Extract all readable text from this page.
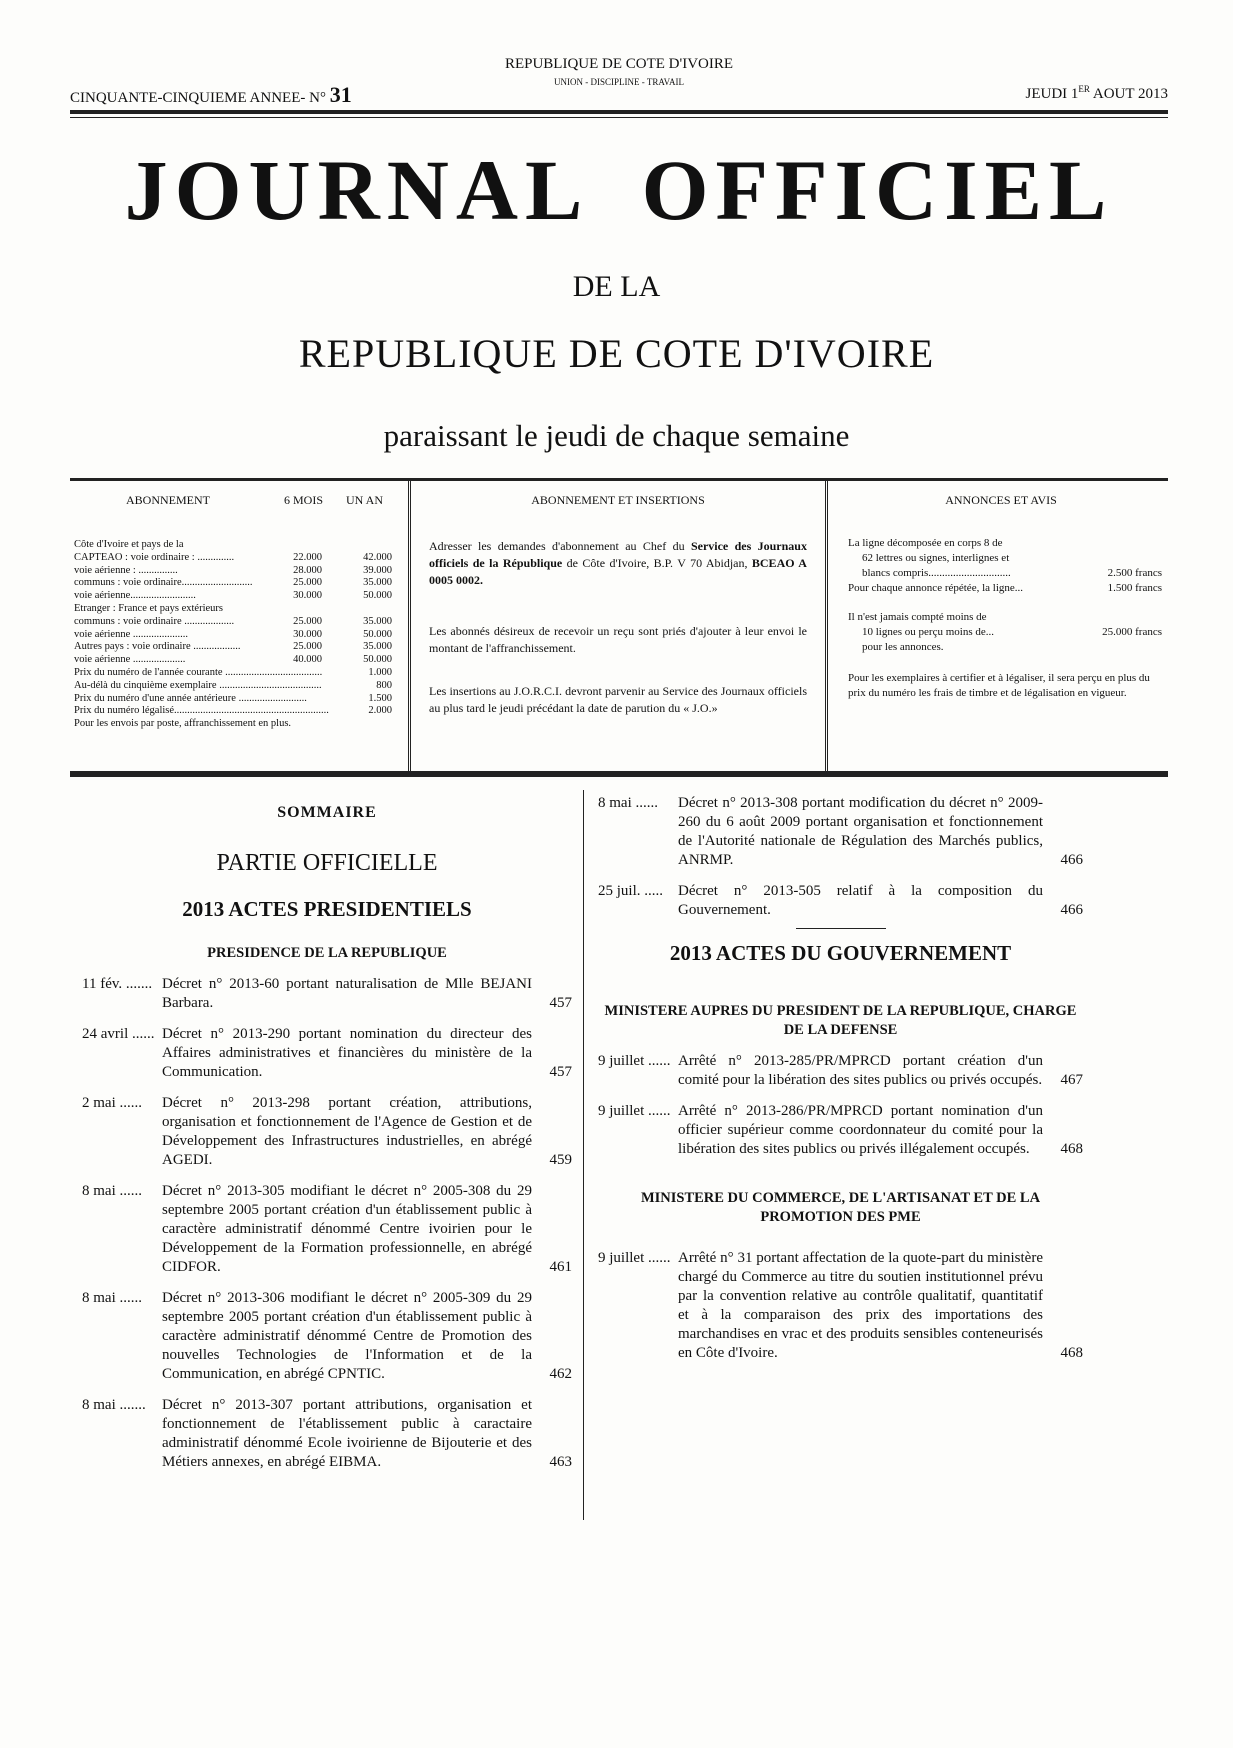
CINQUANTE-CINQUIEME ANNEE- N° 31
REPUBLIQUE DE COTE D'IVOIRE
UNION - DISCIPLINE - TRAVAIL
JEUDI 1ER AOUT 2013
JOURNAL  OFFICIEL
DE LA
REPUBLIQUE DE COTE D'IVOIRE
paraissant le jeudi de chaque semaine
ABONNEMENT	6 MOIS UN AN
Côte d'Ivoire et pays de la
CAPTEAO : voie ordinaire : ..............	22.000	42.000
voie aérienne : ...............	28.000	39.000
communs : voie ordinaire...........................	25.000	35.000
voie aérienne.........................	30.000	50.000
Etranger : France et pays extérieurs
communs : voie ordinaire ...................	25.000	35.000
voie aérienne .....................	30.000	50.000
Autres pays : voie ordinaire ..................	25.000	35.000
voie aérienne ....................	40.000	50.000
Prix du numéro de l'année courante .....................................	1.000
Au-délà du cinquième exemplaire .......................................	800
Prix du numéro d'une année antérieure ..........................	1.500
Prix du numéro légalisé...........................................................	2.000
Pour les envois par poste, affranchissement en plus.
ABONNEMENT ET INSERTIONS

Adresser les demandes d'abonnement au Chef du Service des Journaux officiels de la République de Côte d'Ivoire, B.P. V 70 Abidjan, BCEAO A 0005 0002.

Les abonnés désireux de recevoir un reçu sont priés d'ajouter à leur envoi le montant de l'affranchissement.

Les insertions au J.O.R.C.I. devront parvenir au Service des Journaux officiels au plus tard le jeudi précédant la date de parution du « J.O.»

ANNONCES ET AVIS

La ligne décomposée en corps 8 de
62 lettres ou signes, interlignes et

blancs compris..............................	2.500 francs
Pour chaque annonce répétée, la ligne...	1.500 francs

Il n'est jamais compté moins de

10 lignes ou perçu moins de...	25.000 francs
pour les annonces.

Pour les exemplaires à certifier et à légaliser, il sera perçu en plus du prix du numéro les frais de timbre et de légalisation en vigueur.

SOMMAIRE
PARTIE OFFICIELLE
2013 ACTES PRESIDENTIELS
PRESIDENCE DE LA REPUBLIQUE
11 fév. ....... Décret n° 2013-60 portant naturalisation de Mlle BEJANI Barbara.	457
24 avril ...... Décret n° 2013-290 portant nomination du directeur des Affaires administratives et financières du ministère de la Communication.	457
2 mai ......	Décret n° 2013-298 portant création, attributions, organisation et fonctionnement de l'Agence de Gestion et de Développement des Infrastructures industrielles, en abrégé AGEDI.	459
8 mai ......	Décret n° 2013-305 modifiant le décret n° 2005-308 du 29 septembre 2005 portant création d'un établissement public à caractère administratif dénommé Centre ivoirien pour le Développement de la Formation professionnelle, en abrégé CIDFOR.	461
8 mai ......	Décret n° 2013-306 modifiant le décret n° 2005-309 du 29 septembre 2005 portant création d'un établissement public à caractère administratif dénommé Centre de Promotion des nouvelles Technologies de l'Information et de la Communication, en abrégé CPNTIC.	462
8 mai .......	Décret n° 2013-307 portant attributions, organisation et fonctionnement de l'établissement public à caractaire administratif dénommé Ecole ivoirienne de Bijouterie et des Métiers annexes, en abrégé EIBMA.	463
8 mai ......	Décret n° 2013-308 portant modification du décret n° 2009-260 du 6 août 2009 portant organisation et fonctionnement de l'Autorité nationale de Régulation des Marchés publics, ANRMP.	466
25 juil. ..... Décret n° 2013-505 relatif à la composition du Gouvernement.	466
2013 ACTES DU GOUVERNEMENT
MINISTERE AUPRES DU PRESIDENT DE LA REPUBLIQUE, CHARGE DE LA DEFENSE
9 juillet ...... Arrêté n° 2013-285/PR/MPRCD portant création d'un comité pour la libération des sites publics ou privés occupés.	467
9 juillet ...... Arrêté n° 2013-286/PR/MPRCD portant nomination d'un officier supérieur comme coordonnateur du comité pour la libération des sites publics ou privés illégalement occupés.	468
MINISTERE DU COMMERCE, DE L'ARTISANAT ET DE LA PROMOTION DES PME
9 juillet ...... Arrêté n° 31 portant affectation de la quote-part du ministère chargé du Commerce au titre du soutien institutionnel prévu par la convention relative au contrôle qualitatif, quantitatif et à la comparaison des prix des importations des marchandises en vrac et des produits sensibles conteneurisés en Côte d'Ivoire.	468
